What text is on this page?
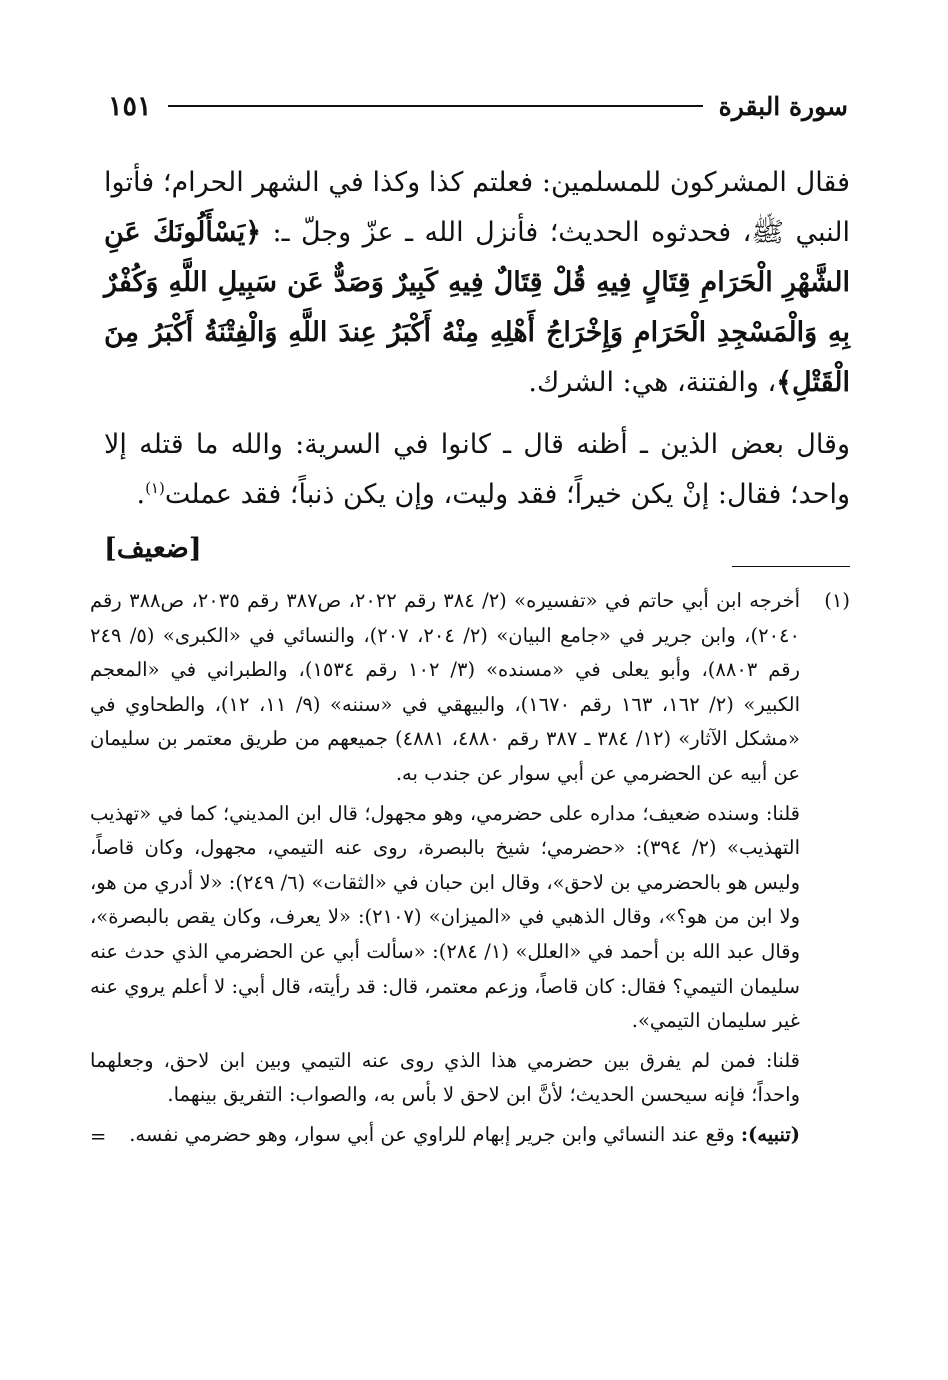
سورة البقرة
١٥١

فقال المشركون للمسلمين: فعلتم كذا وكذا في الشهر الحرام؛ فأتوا النبي ﷺ، فحدثوه الحديث؛ فأنزل الله ـ عزّ وجلّ ـ: ﴿يَسْأَلُونَكَ عَنِ الشَّهْرِ الْحَرَامِ قِتَالٍ فِيهِ قُلْ قِتَالٌ فِيهِ كَبِيرٌ وَصَدٌّ عَن سَبِيلِ اللَّهِ وَكُفْرٌ بِهِ وَالْمَسْجِدِ الْحَرَامِ وَإِخْرَاجُ أَهْلِهِ مِنْهُ أَكْبَرُ عِندَ اللَّهِ وَالْفِتْنَةُ أَكْبَرُ مِنَ الْقَتْلِ﴾، والفتنة، هي: الشرك.

وقال بعض الذين ـ أظنه قال ـ كانوا في السرية: والله ما قتله إلا واحد؛ فقال: إنْ يكن خيراً؛ فقد وليت، وإن يكن ذنباً؛ فقد عملت$^{(١)}$.
[ضعيف]

(١)

أخرجه ابن أبي حاتم في «تفسيره» (٢/ ٣٨٤ رقم ٢٠٢٢، ص٣٨٧ رقم ٢٠٣٥، ص٣٨٨ رقم ٢٠٤٠)، وابن جرير في «جامع البيان» (٢/ ٢٠٤، ٢٠٧)، والنسائي في «الكبرى» (٥/ ٢٤٩ رقم ٨٨٠٣)، وأبو يعلى في «مسنده» (٣/ ١٠٢ رقم ١٥٣٤)، والطبراني في «المعجم الكبير» (٢/ ١٦٢، ١٦٣ رقم ١٦٧٠)، والبيهقي في «سننه» (٩/ ١١، ١٢)، والطحاوي في «مشكل الآثار» (١٢/ ٣٨٤ ـ ٣٨٧ رقم ٤٨٨٠، ٤٨٨١) جميعهم من طريق معتمر بن سليمان عن أبيه عن الحضرمي عن أبي سوار عن جندب به.

قلنا: وسنده ضعيف؛ مداره على حضرمي، وهو مجهول؛ قال ابن المديني؛ كما في «تهذيب التهذيب» (٢/ ٣٩٤): «حضرمي؛ شيخ بالبصرة، روى عنه التيمي، مجهول، وكان قاصاً، وليس هو بالحضرمي بن لاحق»، وقال ابن حبان في «الثقات» (٦/ ٢٤٩): «لا أدري من هو، ولا ابن من هو؟»، وقال الذهبي في «الميزان» (٢١٠٧): «لا يعرف، وكان يقص بالبصرة»، وقال عبد الله بن أحمد في «العلل» (١/ ٢٨٤): «سألت أبي عن الحضرمي الذي حدث عنه سليمان التيمي؟ فقال: كان قاصاً، وزعم معتمر، قال: قد رأيته، قال أبي: لا أعلم يروي عنه غير سليمان التيمي».

قلنا: فمن لم يفرق بين حضرمي هذا الذي روى عنه التيمي وبين ابن لاحق، وجعلهما واحداً؛ فإنه سيحسن الحديث؛ لأنَّ ابن لاحق لا بأس به، والصواب: التفريق بينهما.

(تنبيه): وقع عند النسائي وابن جرير إبهام للراوي عن أبي سوار، وهو حضرمي نفسه.

=
